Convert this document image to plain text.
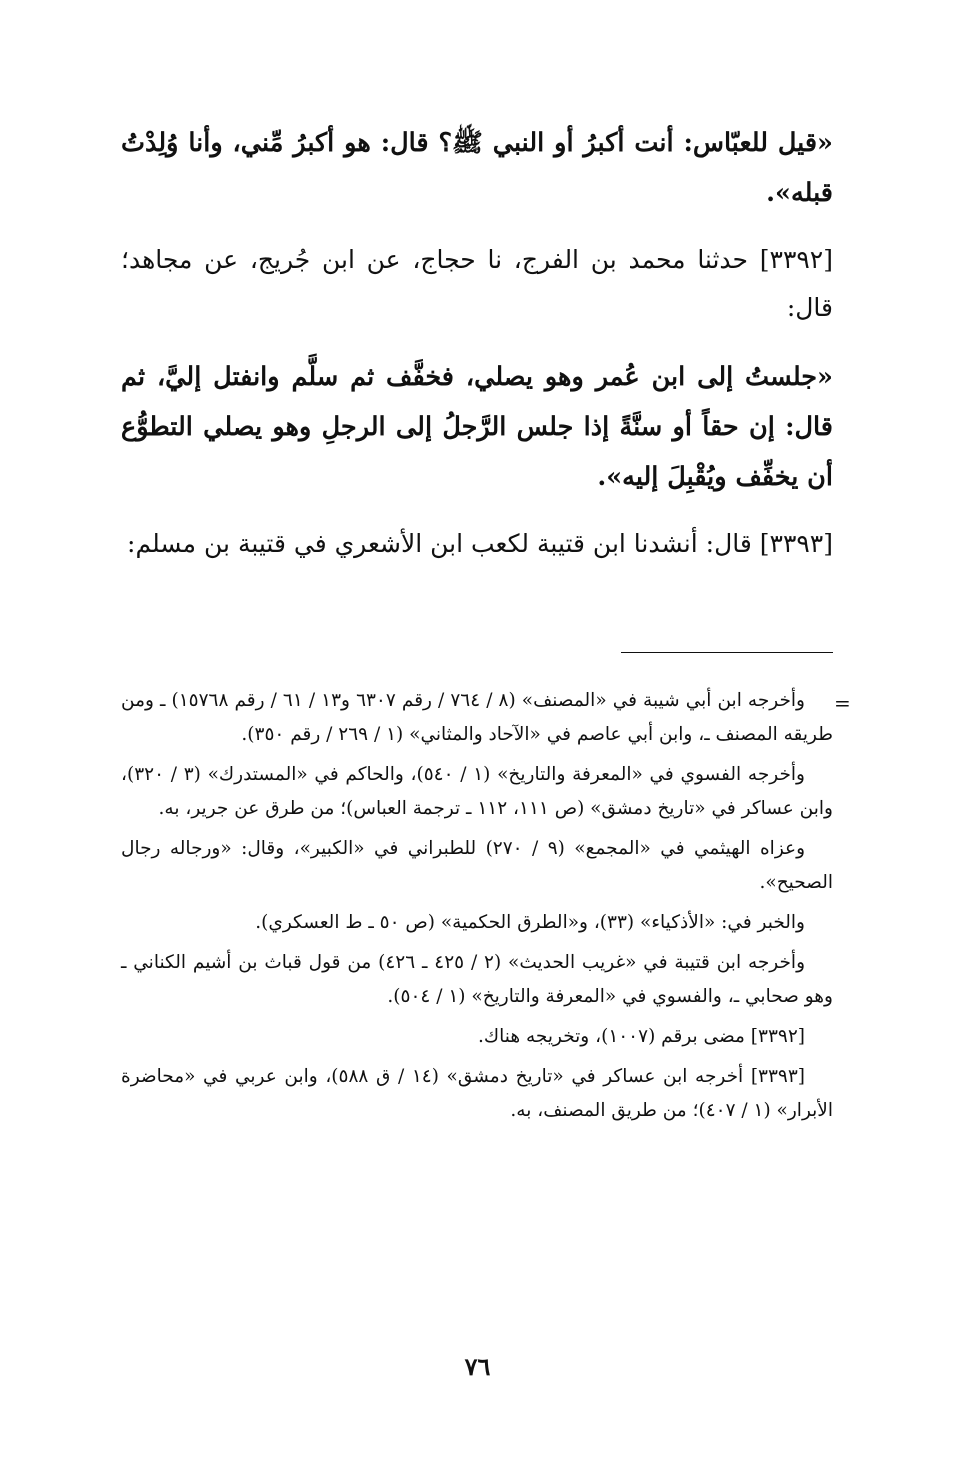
«قيل للعبّاس: أنت أكبرُ أو النبي ﷺ؟ قال: هو أكبرُ مِّني، وأنا وُلِدْتُ قبله».

[٣٣٩٢] حدثنا محمد بن الفرج، نا حجاج، عن ابن جُريج، عن مجاهد؛ قال:

«جلستُ إلى ابن عُمر وهو يصلي، فخفَّف ثم سلَّم وانفتل إليَّ، ثم قال: إن حقاً أو سنَّةً إذا جلس الرَّجلُ إلى الرجلِ وهو يصلي التطوُّع أن يخفِّف ويُقْبِلَ إليه».

[٣٣٩٣] قال: أنشدنا ابن قتيبة لكعب ابن الأشعري في قتيبة بن مسلم:

=

وأخرجه ابن أبي شيبة في «المصنف» (٨ / ٧٦٤ / رقم ٦٣٠٧ و١٣ / ٦١ / رقم ١٥٧٦٨) ـ ومن طريقه المصنف ـ، وابن أبي عاصم في «الآحاد والمثاني» (١ / ٢٦٩ / رقم ٣٥٠).

وأخرجه الفسوي في «المعرفة والتاريخ» (١ / ٥٤٠)، والحاكم في «المستدرك» (٣ / ٣٢٠)، وابن عساكر في «تاريخ دمشق» (ص ١١١، ١١٢ ـ ترجمة العباس)؛ من طرق عن جرير، به.

وعزاه الهيثمي في «المجمع» (٩ / ٢٧٠) للطبراني في «الكبير»، وقال: «ورجاله رجال الصحيح».

والخبر في: «الأذكياء» (٣٣)، و«الطرق الحكمية» (ص ٥٠ ـ ط العسكري).

وأخرجه ابن قتيبة في «غريب الحديث» (٢ / ٤٢٥ ـ ٤٢٦) من قول قباث بن أشيم الكناني ـ وهو صحابي ـ، والفسوي في «المعرفة والتاريخ» (١ / ٥٠٤).

[٣٣٩٢] مضى برقم (١٠٠٧)، وتخريجه هناك.

[٣٣٩٣] أخرجه ابن عساكر في «تاريخ دمشق» (١٤ / ق ٥٨٨)، وابن عربي في «محاضرة الأبرار» (١ / ٤٠٧)؛ من طريق المصنف، به.

٧٦
